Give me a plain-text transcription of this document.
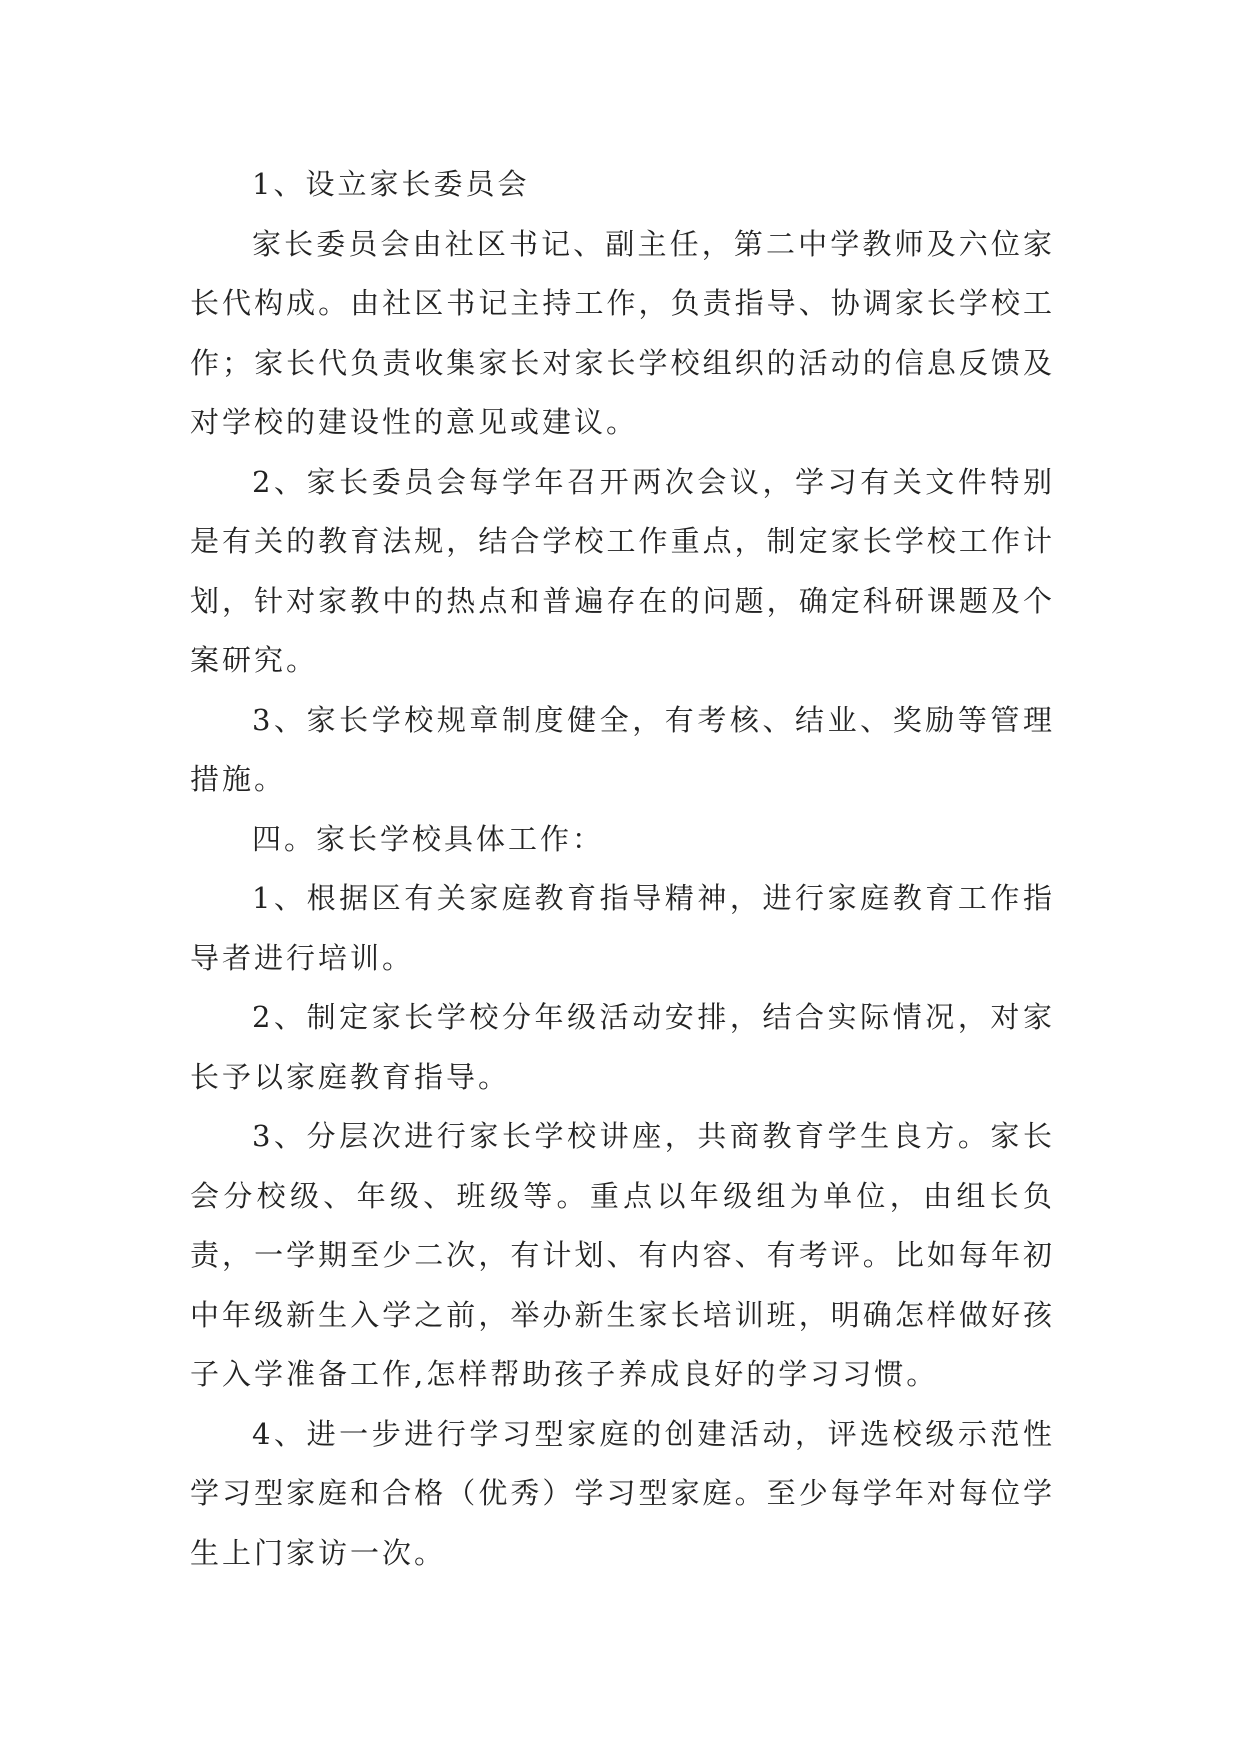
1、设立家长委员会

家长委员会由社区书记、副主任，第二中学教师及六位家长代构成。由社区书记主持工作，负责指导、协调家长学校工作；家长代负责收集家长对家长学校组织的活动的信息反馈及对学校的建设性的意见或建议。

2、家长委员会每学年召开两次会议，学习有关文件特别是有关的教育法规，结合学校工作重点，制定家长学校工作计划，针对家教中的热点和普遍存在的问题，确定科研课题及个案研究。

3、家长学校规章制度健全，有考核、结业、奖励等管理措施。

四。家长学校具体工作：

1、根据区有关家庭教育指导精神，进行家庭教育工作指导者进行培训。

2、制定家长学校分年级活动安排，结合实际情况，对家长予以家庭教育指导。

3、分层次进行家长学校讲座，共商教育学生良方。家长会分校级、年级、班级等。重点以年级组为单位，由组长负责，一学期至少二次，有计划、有内容、有考评。比如每年初中年级新生入学之前，举办新生家长培训班，明确怎样做好孩子入学准备工作,怎样帮助孩子养成良好的学习习惯。

4、进一步进行学习型家庭的创建活动，评选校级示范性学习型家庭和合格（优秀）学习型家庭。至少每学年对每位学生上门家访一次。
